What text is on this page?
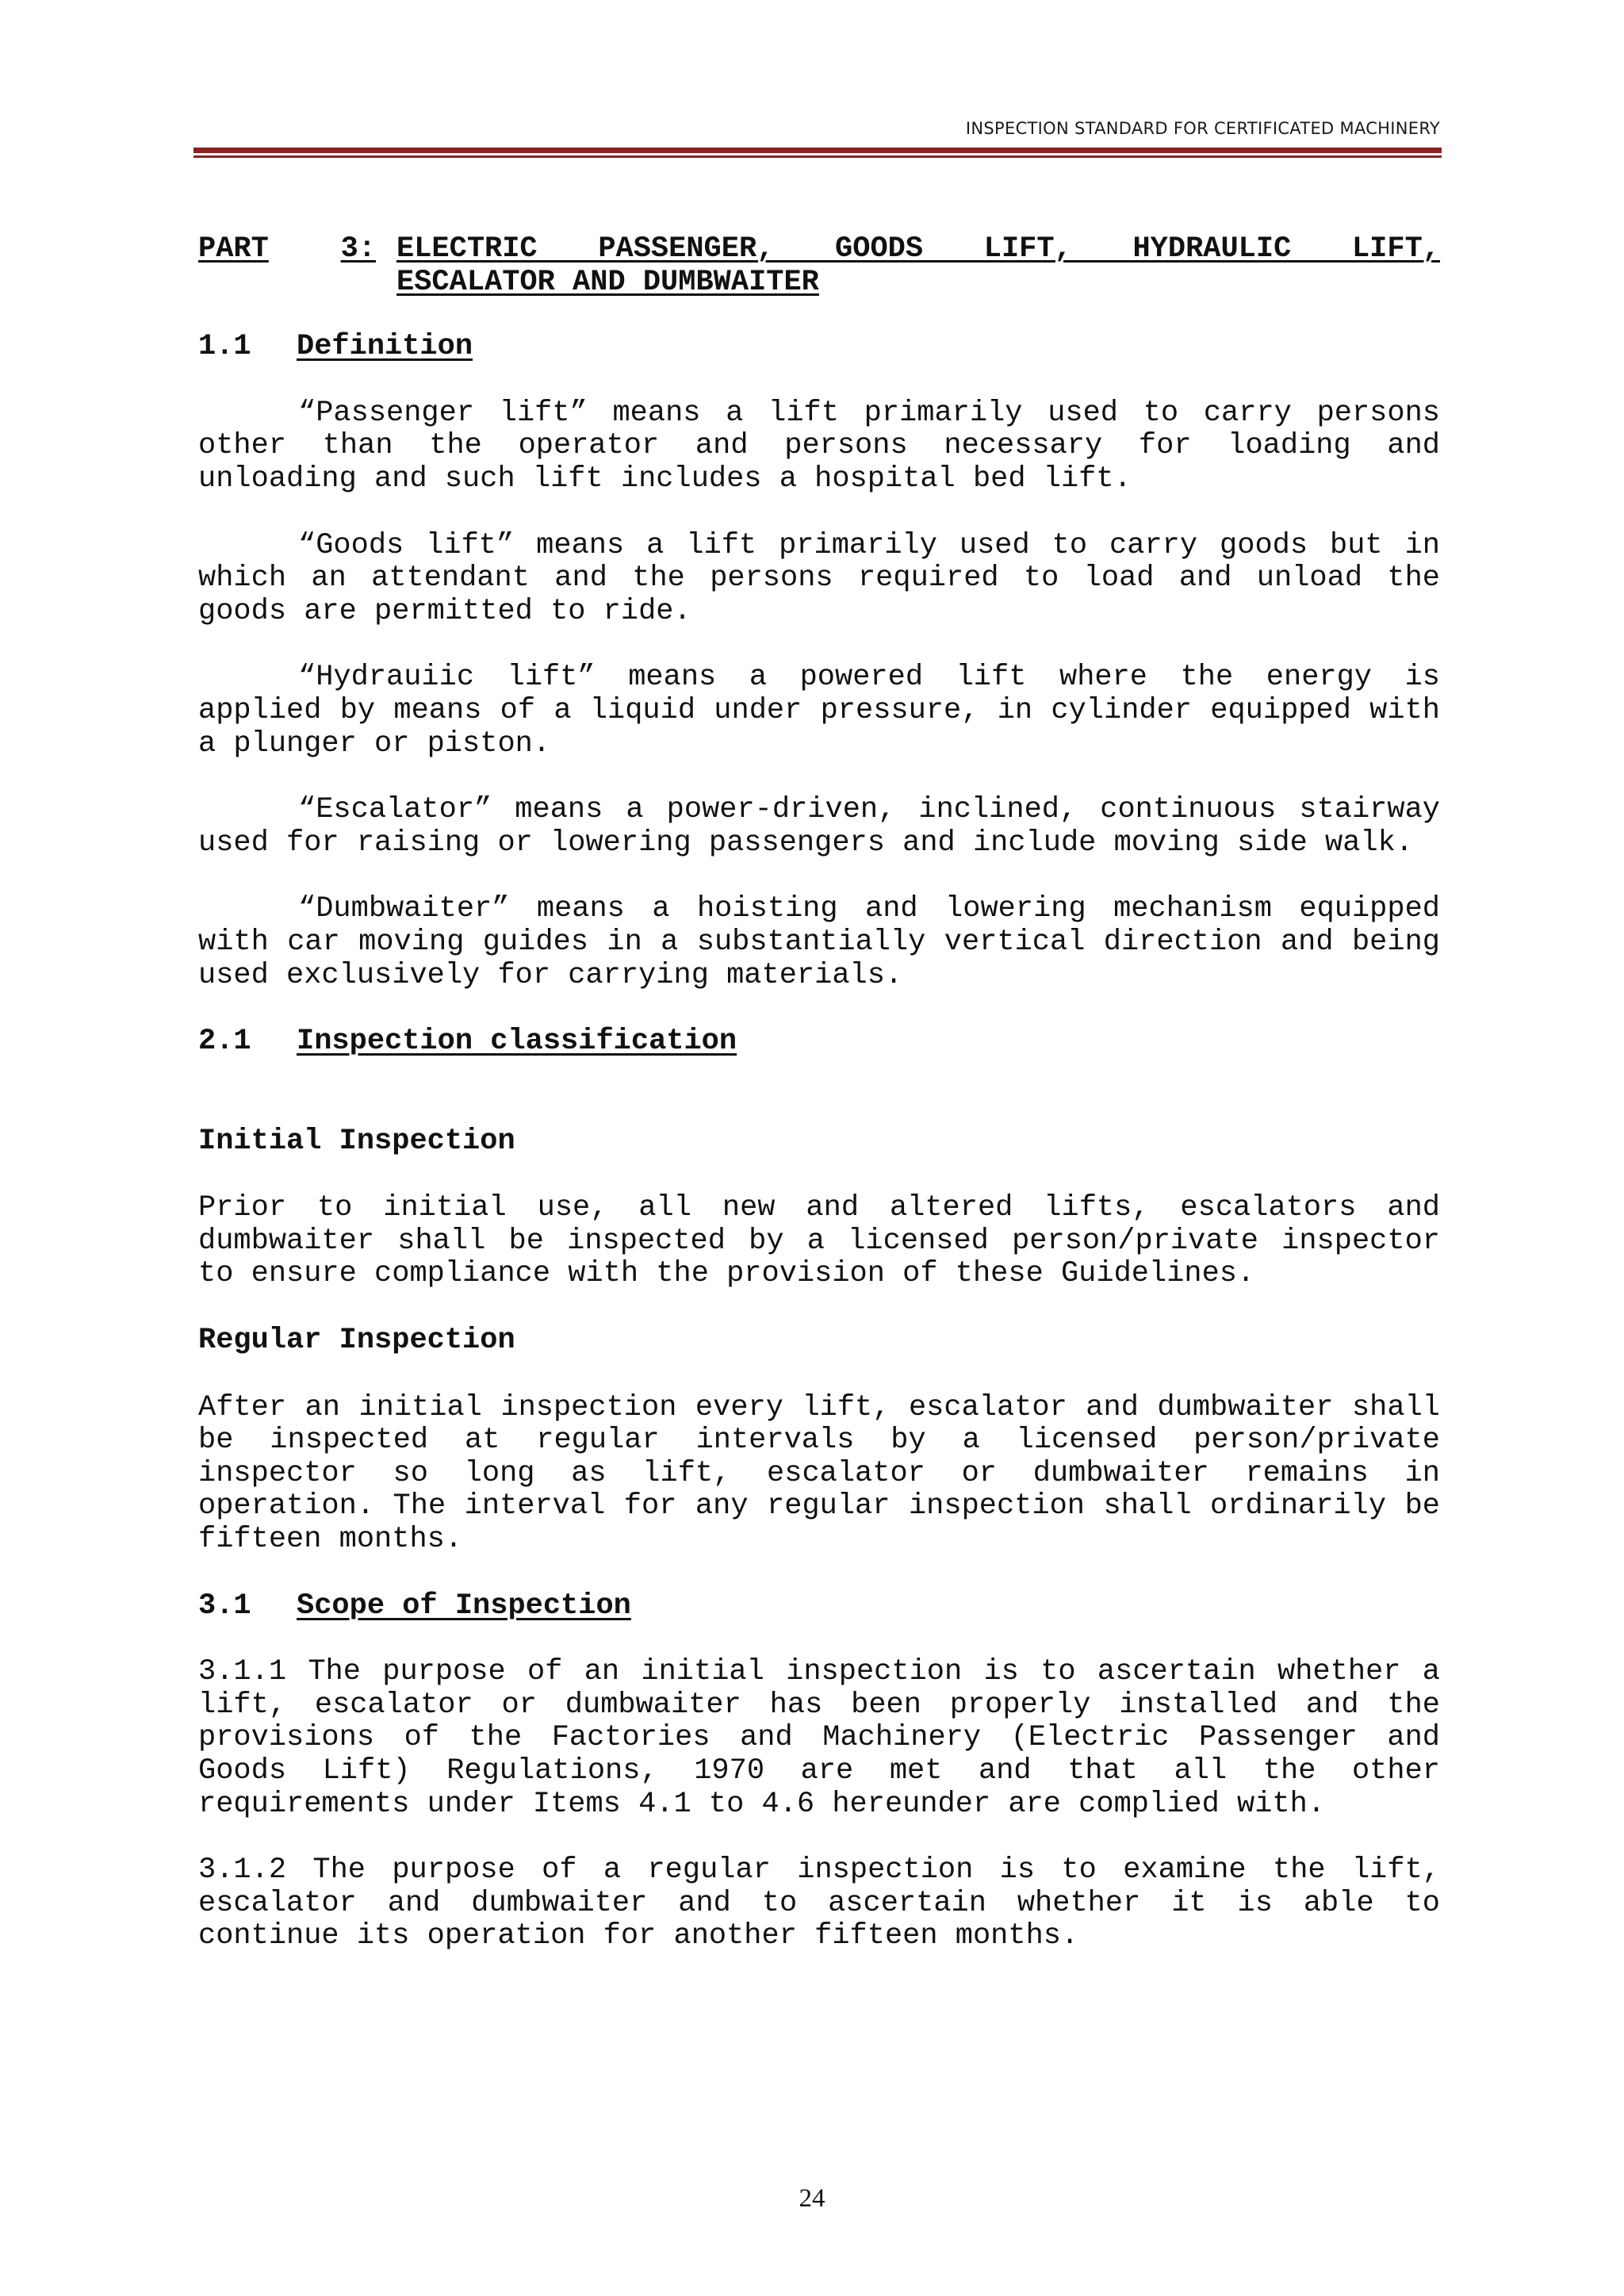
INSPECTION STANDARD FOR CERTIFICATED MACHINERY
PART 3: ELECTRIC PASSENGER, GOODS LIFT, HYDRAULIC LIFT,
ESCALATOR AND DUMBWAITER
1.1	Definition

“Passenger lift” means a lift primarily used to carry persons other than the operator and persons necessary for loading and unloading and such lift includes a hospital bed lift.

“Goods lift” means a lift primarily used to carry goods but in which an attendant and the persons required to load and unload the goods are permitted to ride.

“Hydrauiic lift” means a powered lift where the energy is applied by means of a liquid under pressure, in cylinder equipped with a plunger or piston.

“Escalator” means a power-driven, inclined, continuous stairway used for raising or lowering passengers and include moving side walk.

“Dumbwaiter” means a hoisting and lowering mechanism equipped with car moving guides in a substantially vertical direction and being used exclusively for carrying materials.

2.1	Inspection classification
Initial Inspection

Prior to initial use, all new and altered lifts, escalators and dumbwaiter shall be inspected by a licensed person/private inspector to ensure compliance with the provision of these Guidelines.

Regular Inspection

After an initial inspection every lift, escalator and dumbwaiter shall be inspected at regular intervals by a licensed person/private inspector so long as lift, escalator or dumbwaiter remains in operation. The interval for any regular inspection shall ordinarily be fifteen months.

3.1	Scope of Inspection

3.1.1 The purpose of an initial inspection is to ascertain whether a lift, escalator or dumbwaiter has been properly installed and the provisions of the Factories and Machinery (Electric Passenger and Goods Lift) Regulations, 1970 are met and that all the other requirements under Items 4.1 to 4.6 hereunder are complied with.

3.1.2 The purpose of a regular inspection is to examine the lift, escalator and dumbwaiter and to ascertain whether it is able to continue its operation for another fifteen months.

24
